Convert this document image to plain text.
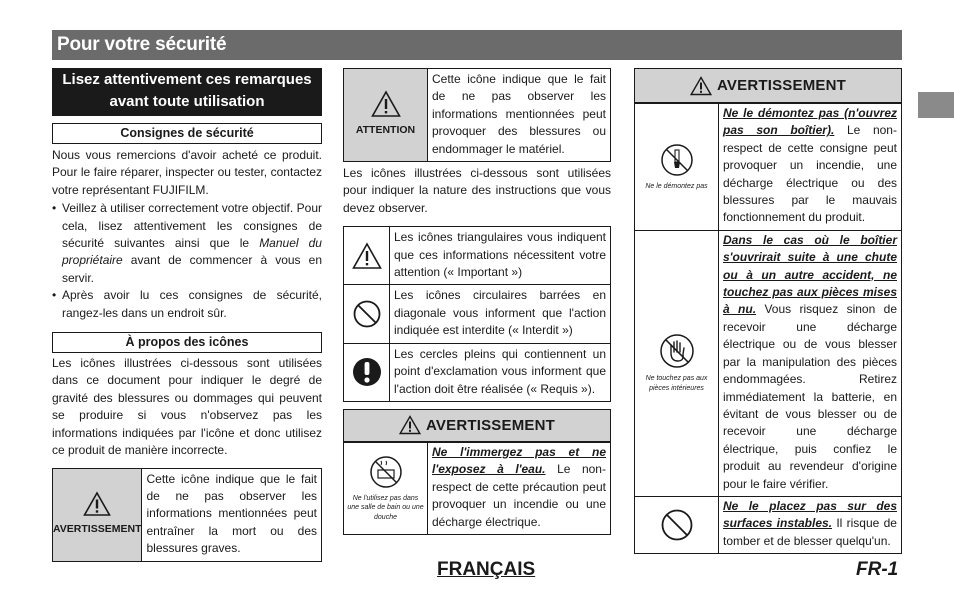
Pour votre sécurité
Lisez attentivement ces remarques avant toute utilisation
Consignes de sécurité

Nous vous remercions d'avoir acheté ce produit. Pour le faire réparer, inspecter ou tester, contactez votre représentant FUJIFILM.

• Veillez à utiliser correctement votre objectif. Pour cela, lisez attentivement les consignes de sécurité suivantes ainsi que le Manuel du propriétaire avant de commencer à vous en servir.
• Après avoir lu ces consignes de sécurité, rangez-les dans un endroit sûr.
À propos des icônes

Les icônes illustrées ci-dessous sont utilisées dans ce document pour indiquer le degré de gravité des blessures ou dommages qui peuvent se produire si vous n'observez pas les informations indiquées par l'icône et donc utilisez ce produit de manière incorrecte.

AVERTISSEMENT
Cette icône indique que le fait de ne pas observer les informations mentionnées peut entraîner la mort ou des blessures graves.
ATTENTION
Cette icône indique que le fait de ne pas observer les informations mentionnées peut provoquer des blessures ou endommager le matériel.

Les icônes illustrées ci-dessous sont utilisées pour indiquer la nature des instructions que vous devez observer.

Les icônes triangulaires vous indiquent que ces informations nécessitent votre attention (« Important »)
Les icônes circulaires barrées en diagonale vous informent que l'action indiquée est interdite (« Interdit »)
Les cercles pleins qui contiennent un point d'exclamation vous informent que l'action doit être réalisée (« Requis »).
AVERTISSEMENT
Ne l'utilisez pas dans une salle de bain ou une douche
Ne l'immergez pas et ne l'exposez à l'eau. Le non-respect de cette précaution peut provoquer un incendie ou une décharge électrique.
AVERTISSEMENT
Ne le démontez pas
Ne le démontez pas (n'ouvrez pas son boîtier). Le non-respect de cette consigne peut provoquer un incendie, une décharge électrique ou des blessures par le mauvais fonctionnement du produit.
Ne touchez pas aux pièces intérieures
Dans le cas où le boîtier s'ouvrirait suite à une chute ou à un autre accident, ne touchez pas aux pièces mises à nu. Vous risquez sinon de recevoir une décharge électrique ou de vous blesser par la manipulation des pièces endommagées. Retirez immédiatement la batterie, en évitant de vous blesser ou de recevoir une décharge électrique, puis confiez le produit au revendeur d'origine pour le faire vérifier.
Ne le placez pas sur des surfaces instables. Il risque de tomber et de blesser quelqu'un.
FRANÇAIS	FR-1
